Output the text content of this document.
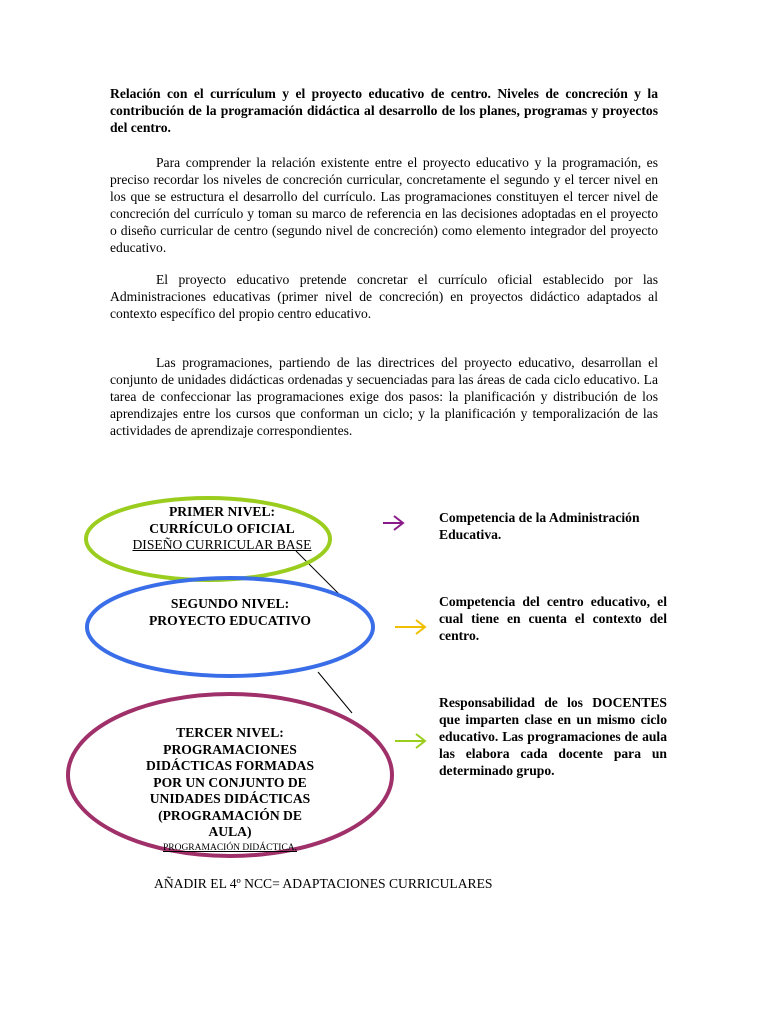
Relación con el currículum y el proyecto educativo de centro. Niveles de concreción y la contribución de la programación didáctica al desarrollo de los planes, programas y proyectos del centro.

Para comprender la relación existente entre el proyecto educativo y la programación, es preciso recordar los niveles de concreción curricular, concretamente el segundo y el tercer nivel en los que se estructura el desarrollo del currículo. Las programaciones constituyen el tercer nivel de concreción del currículo y toman su marco de referencia en las decisiones adoptadas en el proyecto o diseño curricular de centro (segundo nivel de concreción) como elemento integrador del proyecto educativo.

El proyecto educativo pretende concretar el currículo oficial establecido por las Administraciones educativas (primer nivel de concreción) en proyectos didáctico adaptados al contexto específico del propio centro educativo.

Las programaciones, partiendo de las directrices del proyecto educativo, desarrollan el conjunto de unidades didácticas ordenadas y secuenciadas para las áreas de cada ciclo educativo. La tarea de confeccionar las programaciones exige dos pasos: la planificación y distribución de los aprendizajes entre los cursos que conforman un ciclo; y la planificación y temporalización de las actividades de aprendizaje correspondientes.

PRIMER NIVEL: CURRÍCULO OFICIAL
DISEÑO CURRICULAR BASE
SEGUNDO NIVEL: PROYECTO EDUCATIVO
TERCER NIVEL: PROGRAMACIONES DIDÁCTICAS FORMADAS POR UN CONJUNTO DE UNIDADES DIDÁCTICAS (PROGRAMACIÓN DE AULA)
PROGRAMACIÓN DIDÁCTICA.
Competencia de la Administración Educativa.
Competencia del centro educativo, el cual tiene en cuenta el contexto del centro.
Responsabilidad de los DOCENTES que imparten clase en un mismo ciclo educativo. Las programaciones de aula las elabora cada docente para un determinado grupo.
AÑADIR EL 4º NCC= ADAPTACIONES CURRICULARES
